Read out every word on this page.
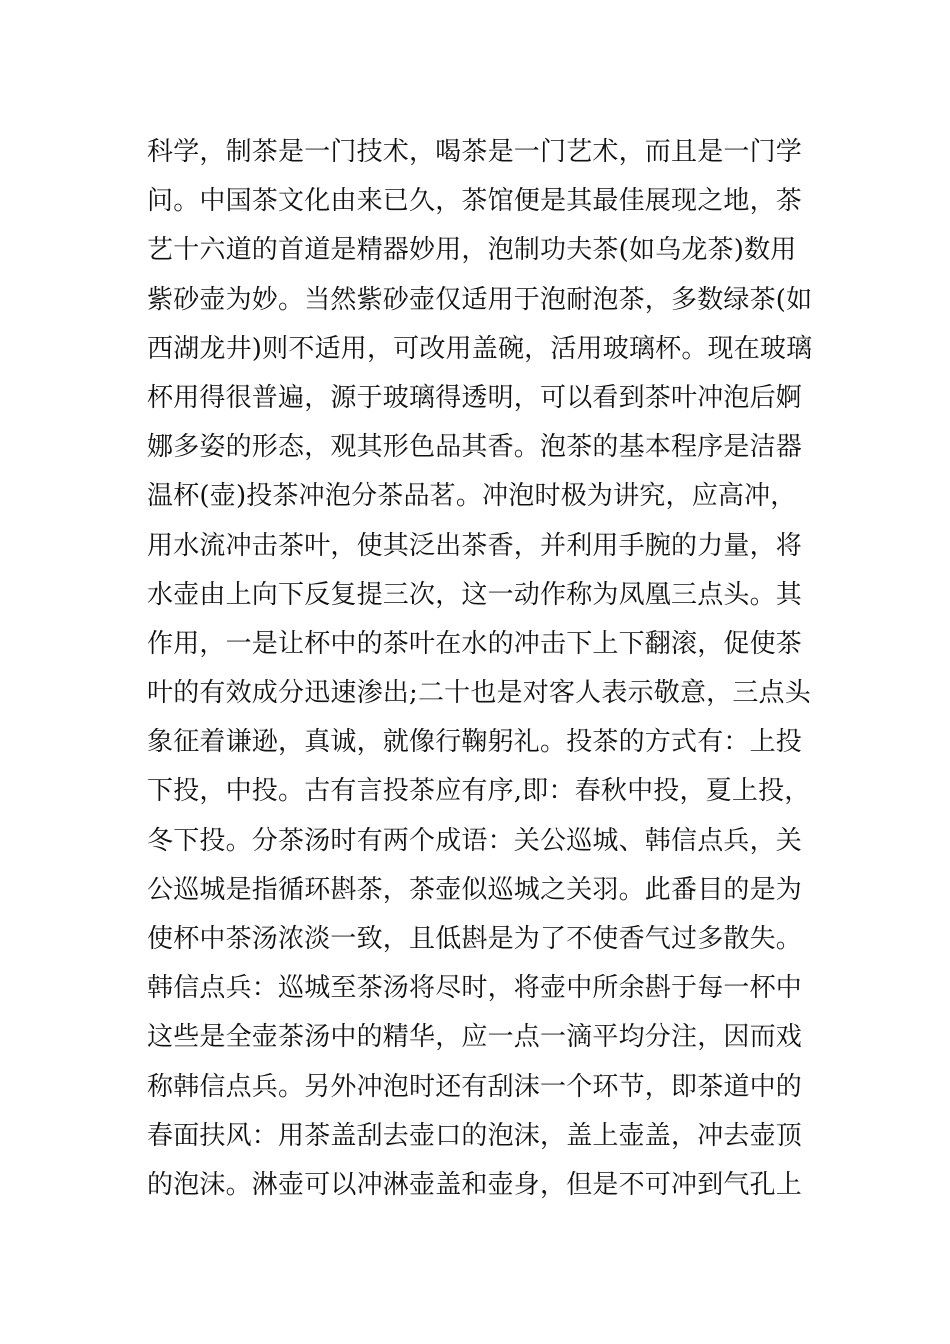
科学，制茶是一门技术，喝茶是一门艺术，而且是一门学
问。中国茶文化由来已久，茶馆便是其最佳展现之地，茶
艺十六道的首道是精器妙用，泡制功夫茶(如乌龙茶)数用
紫砂壶为妙。当然紫砂壶仅适用于泡耐泡茶，多数绿茶(如
西湖龙井)则不适用，可改用盖碗，活用玻璃杯。现在玻璃
杯用得很普遍，源于玻璃得透明，可以看到茶叶冲泡后婀
娜多姿的形态，观其形色品其香。泡茶的基本程序是洁器
温杯(壶)投茶冲泡分茶品茗。冲泡时极为讲究，应高冲，
用水流冲击茶叶，使其泛出茶香，并利用手腕的力量，将
水壶由上向下反复提三次，这一动作称为凤凰三点头。其
作用，一是让杯中的茶叶在水的冲击下上下翻滚，促使茶
叶的有效成分迅速渗出;二十也是对客人表示敬意，三点头
象征着谦逊，真诚，就像行鞠躬礼。投茶的方式有：上投
下投，中投。古有言投茶应有序,即：春秋中投，夏上投，
冬下投。分茶汤时有两个成语：关公巡城、韩信点兵，关
公巡城是指循环斟茶，茶壶似巡城之关羽。此番目的是为
使杯中茶汤浓淡一致，且低斟是为了不使香气过多散失。
韩信点兵：巡城至茶汤将尽时，将壶中所余斟于每一杯中
这些是全壶茶汤中的精华，应一点一滴平均分注，因而戏
称韩信点兵。另外冲泡时还有刮沫一个环节，即茶道中的
春面扶风：用茶盖刮去壶口的泡沫，盖上壶盖，冲去壶顶
的泡沫。淋壶可以冲淋壶盖和壶身，但是不可冲到气孔上
